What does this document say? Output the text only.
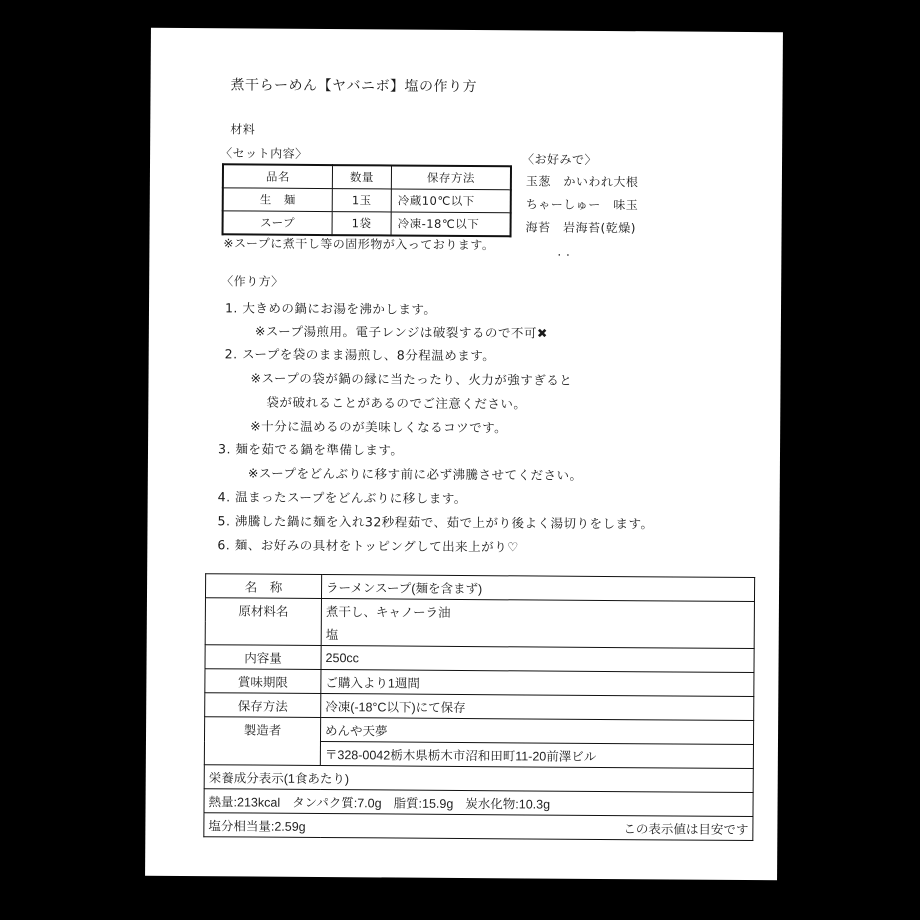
煮干らーめん【ヤバニボ】塩の作り方
材料
〈セット内容〉
品名	数量	保存方法
生　麺	1玉	冷蔵10℃以下
スープ	1袋	冷凍-18℃以下
〈お好みで〉
玉葱　かいわれ大根
ちゃーしゅー　味玉
海苔　岩海苔(乾燥)
※スープに煮干し等の固形物が入っております。	. .
〈作り方〉
1. 大きめの鍋にお湯を沸かします。
※スープ湯煎用。電子レンジは破裂するので不可✖
2. スープを袋のまま湯煎し、8分程温めます。
※スープの袋が鍋の縁に当たったり、火力が強すぎると
袋が破れることがあるのでご注意ください。
※十分に温めるのが美味しくなるコツです。
3. 麺を茹でる鍋を準備します。
※スープをどんぶりに移す前に必ず沸騰させてください。
4. 温まったスープをどんぶりに移します。
5. 沸騰した鍋に麺を入れ32秒程茹で、茹で上がり後よく湯切りをします。
6. 麺、お好みの具材をトッピングして出来上がり♡
名　称	ラーメンスープ(麺を含まず)
原材料名	煮干し、キャノーラ油
	塩
内容量	250cc
賞味期限	ご購入より1週間
保存方法	冷凍(-18°C以下)にて保存
製造者	めんや天夢
	〒328-0042栃木県栃木市沼和田町11-20前澤ビル
栄養成分表示(1食あたり)	

熱量:213kcal タンパク質:7.0g 脂質:15.9g 炭水化物:10.3g	

塩分相当量:2.59g この表示値は目安です	
